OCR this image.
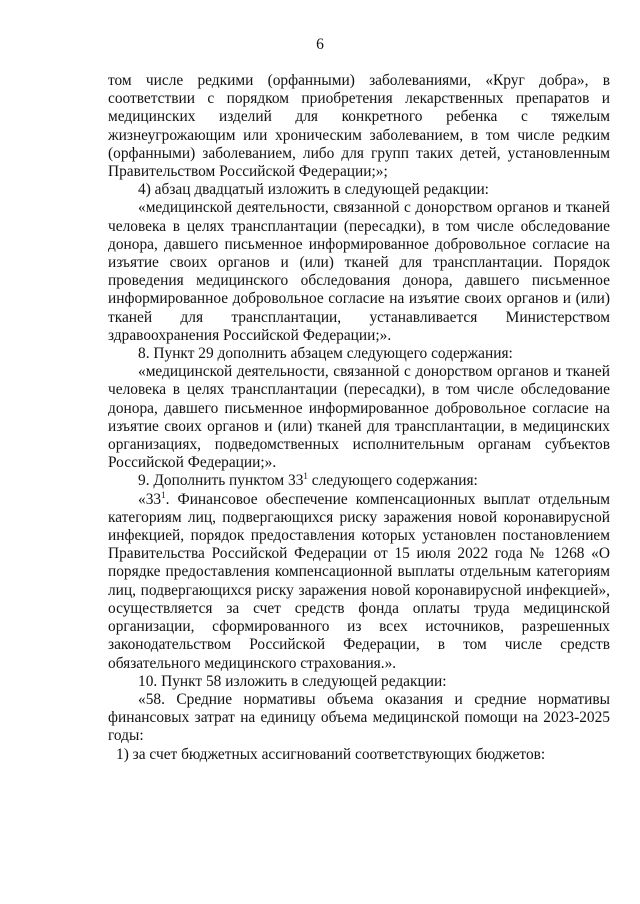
6

том числе редкими (орфанными) заболеваниями, «Круг добра», в соответствии с порядком приобретения лекарственных препаратов и медицинских изделий для конкретного ребенка с тяжелым жизнеугрожающим или хроническим заболеванием, в том числе редким (орфанными) заболеванием, либо для групп таких детей, установленным Правительством Российской Федерации;»;

4) абзац двадцатый изложить в следующей редакции:

«медицинской деятельности, связанной с донорством органов и тканей человека в целях трансплантации (пересадки), в том числе обследование донора, давшего письменное информированное добровольное согласие на изъятие своих органов и (или) тканей для трансплантации. Порядок проведения медицинского обследования донора, давшего письменное информированное добровольное согласие на изъятие своих органов и (или) тканей для трансплантации, устанавливается Министерством здравоохранения Российской Федерации;».

8. Пункт 29 дополнить абзацем следующего содержания:

«медицинской деятельности, связанной с донорством органов и тканей человека в целях трансплантации (пересадки), в том числе обследование донора, давшего письменное информированное добровольное согласие на изъятие своих органов и (или) тканей для трансплантации, в медицинских организациях, подведомственных исполнительным органам субъектов Российской Федерации;».

9. Дополнить пунктом $33^1$ следующего содержания:

«$33^1$. Финансовое обеспечение компенсационных выплат отдельным категориям лиц, подвергающихся риску заражения новой коронавирусной инфекцией, порядок предоставления которых установлен постановлением Правительства Российской Федерации от 15 июля 2022 года № 1268 «О порядке предоставления компенсационной выплаты отдельным категориям лиц, подвергающихся риску заражения новой коронавирусной инфекцией», осуществляется за счет средств фонда оплаты труда медицинской организации, сформированного из всех источников, разрешенных законодательством Российской Федерации, в том числе средств обязательного медицинского страхования.».

10. Пункт 58 изложить в следующей редакции:

«58. Средние нормативы объема оказания и средние нормативы финансовых затрат на единицу объема медицинской помощи на 2023-2025 годы:

1) за счет бюджетных ассигнований соответствующих бюджетов:
